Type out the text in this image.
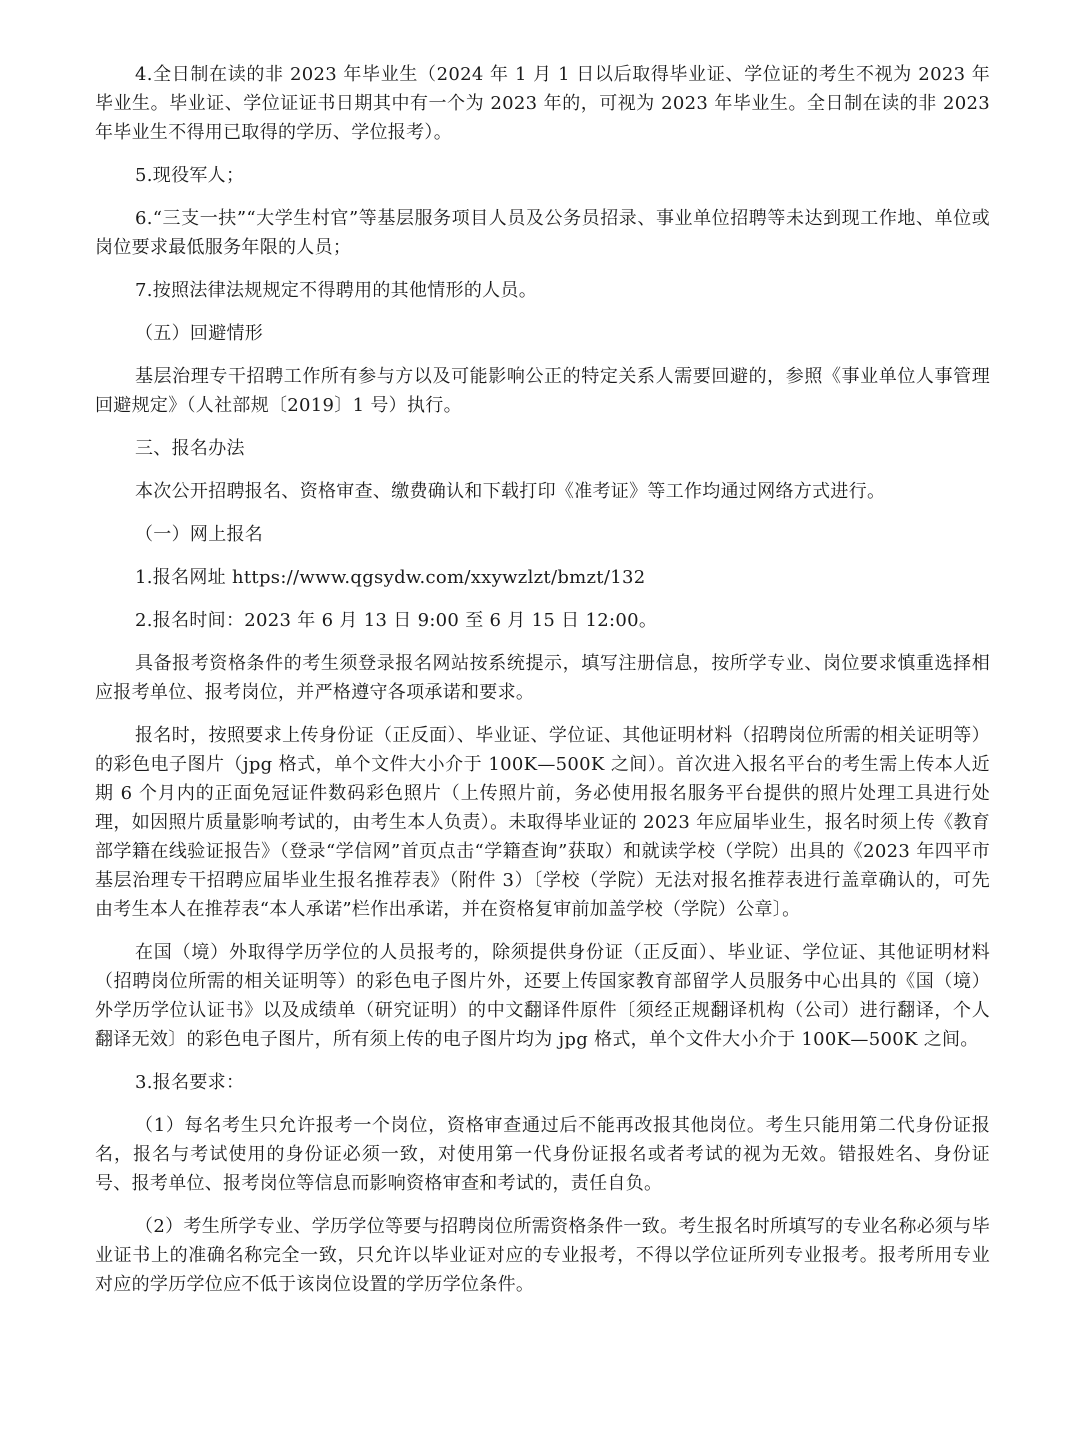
4.全日制在读的非 2023 年毕业生（2024 年 1 月 1 日以后取得毕业证、学位证的考生不视为 2023 年毕业生。毕业证、学位证证书日期其中有一个为 2023 年的，可视为 2023 年毕业生。全日制在读的非 2023 年毕业生不得用已取得的学历、学位报考）。

5.现役军人；

6.“三支一扶”“大学生村官”等基层服务项目人员及公务员招录、事业单位招聘等未达到现工作地、单位或岗位要求最低服务年限的人员；

7.按照法律法规规定不得聘用的其他情形的人员。

（五）回避情形

基层治理专干招聘工作所有参与方以及可能影响公正的特定关系人需要回避的，参照《事业单位人事管理回避规定》（人社部规〔2019〕1 号）执行。

三、报名办法

本次公开招聘报名、资格审查、缴费确认和下载打印《准考证》等工作均通过网络方式进行。

（一）网上报名

1.报名网址 https://www.qgsydw.com/xxywzlzt/bmzt/132

2.报名时间：2023 年 6 月 13 日 9:00 至 6 月 15 日 12:00。

具备报考资格条件的考生须登录报名网站按系统提示，填写注册信息，按所学专业、岗位要求慎重选择相应报考单位、报考岗位，并严格遵守各项承诺和要求。

报名时，按照要求上传身份证（正反面）、毕业证、学位证、其他证明材料（招聘岗位所需的相关证明等）的彩色电子图片（jpg 格式，单个文件大小介于 100K—500K 之间）。首次进入报名平台的考生需上传本人近期 6 个月内的正面免冠证件数码彩色照片（上传照片前，务必使用报名服务平台提供的照片处理工具进行处理，如因照片质量影响考试的，由考生本人负责）。未取得毕业证的 2023 年应届毕业生，报名时须上传《教育部学籍在线验证报告》（登录“学信网”首页点击“学籍查询”获取）和就读学校（学院）出具的《2023 年四平市基层治理专干招聘应届毕业生报名推荐表》（附件 3）〔学校（学院）无法对报名推荐表进行盖章确认的，可先由考生本人在推荐表“本人承诺”栏作出承诺，并在资格复审前加盖学校（学院）公章〕。

在国（境）外取得学历学位的人员报考的，除须提供身份证（正反面）、毕业证、学位证、其他证明材料（招聘岗位所需的相关证明等）的彩色电子图片外，还要上传国家教育部留学人员服务中心出具的《国（境）外学历学位认证书》以及成绩单（研究证明）的中文翻译件原件〔须经正规翻译机构（公司）进行翻译，个人翻译无效〕的彩色电子图片，所有须上传的电子图片均为 jpg 格式，单个文件大小介于 100K—500K 之间。

3.报名要求：

（1）每名考生只允许报考一个岗位，资格审查通过后不能再改报其他岗位。考生只能用第二代身份证报名，报名与考试使用的身份证必须一致，对使用第一代身份证报名或者考试的视为无效。错报姓名、身份证号、报考单位、报考岗位等信息而影响资格审查和考试的，责任自负。

（2）考生所学专业、学历学位等要与招聘岗位所需资格条件一致。考生报名时所填写的专业名称必须与毕业证书上的准确名称完全一致，只允许以毕业证对应的专业报考，不得以学位证所列专业报考。报考所用专业对应的学历学位应不低于该岗位设置的学历学位条件。
